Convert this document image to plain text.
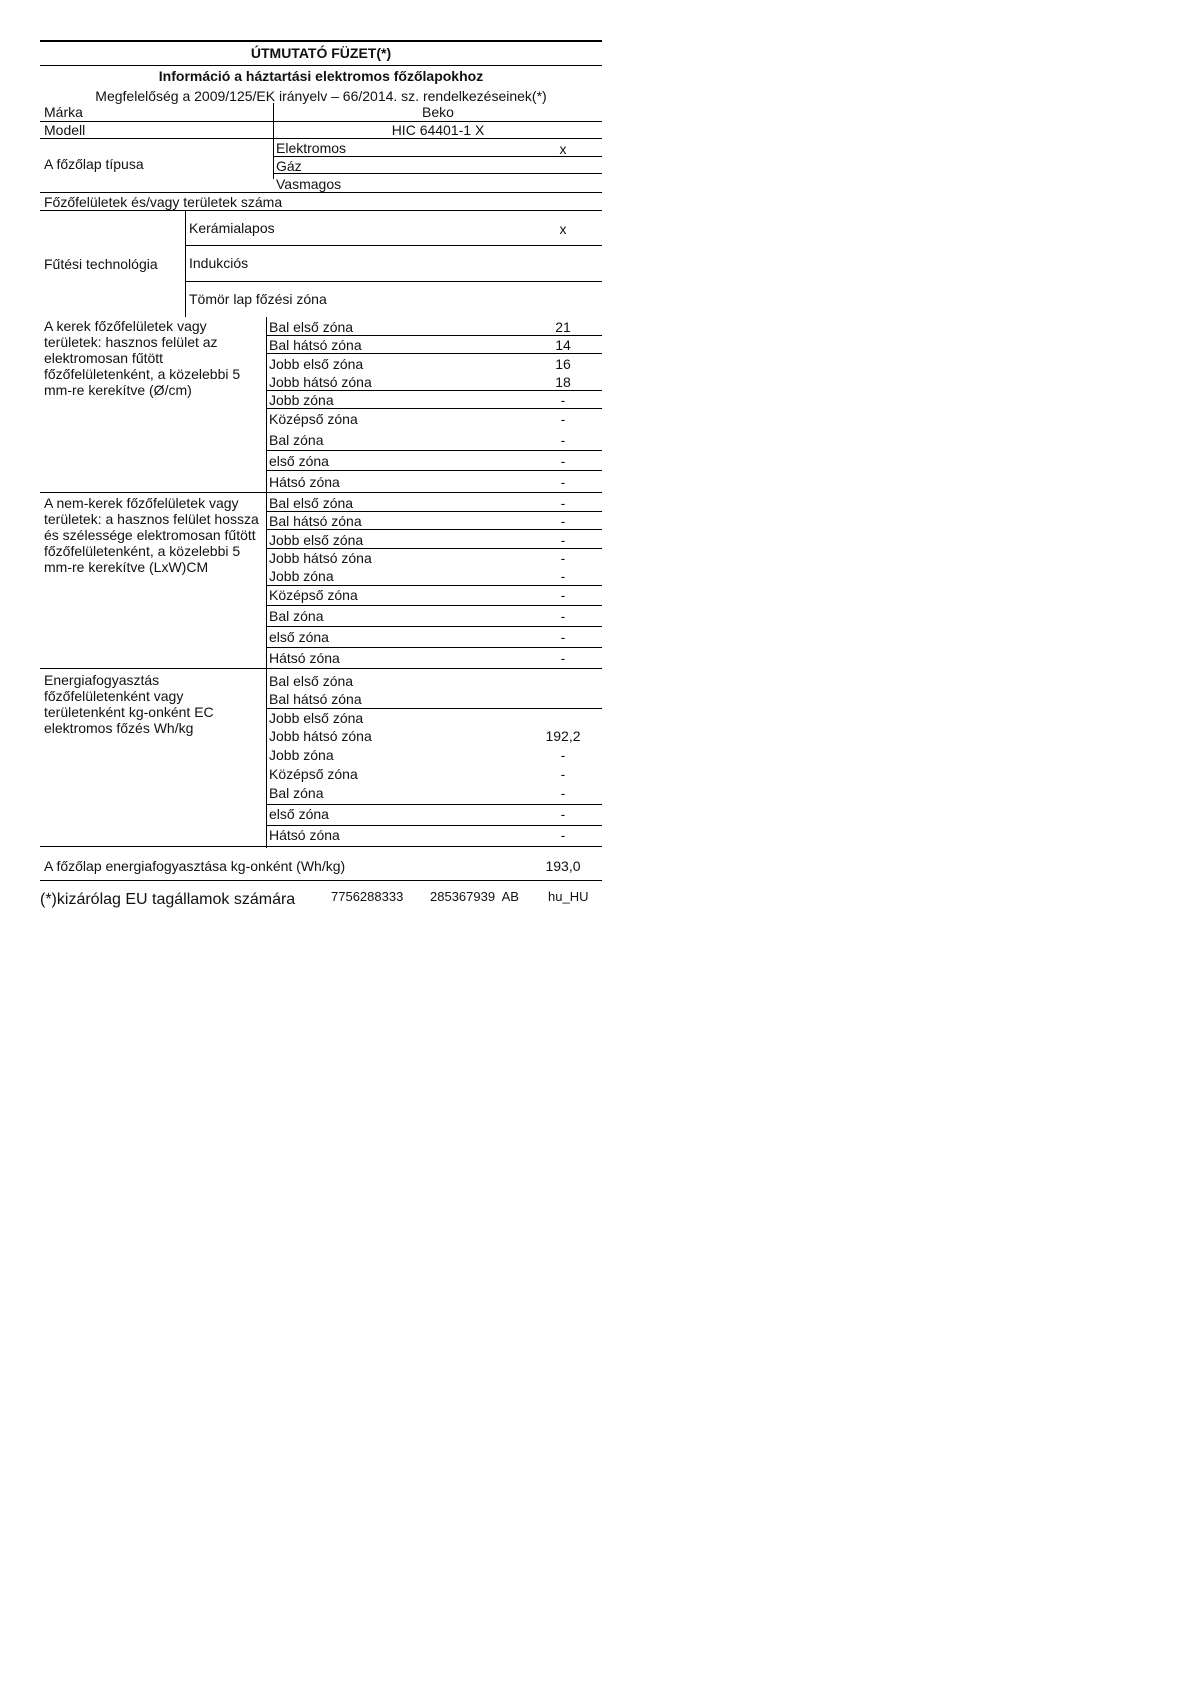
ÚTMUTATÓ FÜZET(*)
Információ a háztartási elektromos főzőlapokhoz
Megfelelőség a 2009/125/EK irányelv – 66/2014. sz. rendelkezéseinek(*)
Márka	Beko
Modell	HIC 64401-1 X
A főzőlap típusa
Elektromos	x
Gáz
Vasmagos
Főzőfelületek és/vagy területek száma
Fűtési technológia
Kerámialapos	x
Indukciós
Tömör lap főzési zóna
A kerek főzőfelületek vagy területek: hasznos felület az elektromosan fűtött főzőfelületenként, a közelebbi 5 mm-re kerekítve (Ø/cm)
Bal első zóna	21
Bal hátsó zóna	14
Jobb első zóna	16
Jobb hátsó zóna	18
Jobb zóna	-
Középső zóna	-
Bal zóna	-
első zóna	-
Hátsó zóna	-
A nem-kerek főzőfelületek vagy területek: a hasznos felület hossza és szélessége elektromosan fűtött főzőfelületenként, a közelebbi 5 mm-re kerekítve (LxW)CM
Bal első zóna	-
Bal hátsó zóna	-
Jobb első zóna	-
Jobb hátsó zóna	-
Jobb zóna	-
Középső zóna	-
Bal zóna	-
első zóna	-
Hátsó zóna	-
Energiafogyasztás főzőfelületenként vagy területenként kg-onként EC elektromos főzés Wh/kg
Bal első zóna
Bal hátsó zóna
Jobb első zóna
Jobb hátsó zóna	192,2
Jobb zóna	-
Középső zóna	-
Bal zóna	-
első zóna	-
Hátsó zóna	-
A főzőlap energiafogyasztása kg-onként (Wh/kg)	193,0
(*)kizárólag EU tagállamok számára	7756288333 285367939  AB hu_HU
